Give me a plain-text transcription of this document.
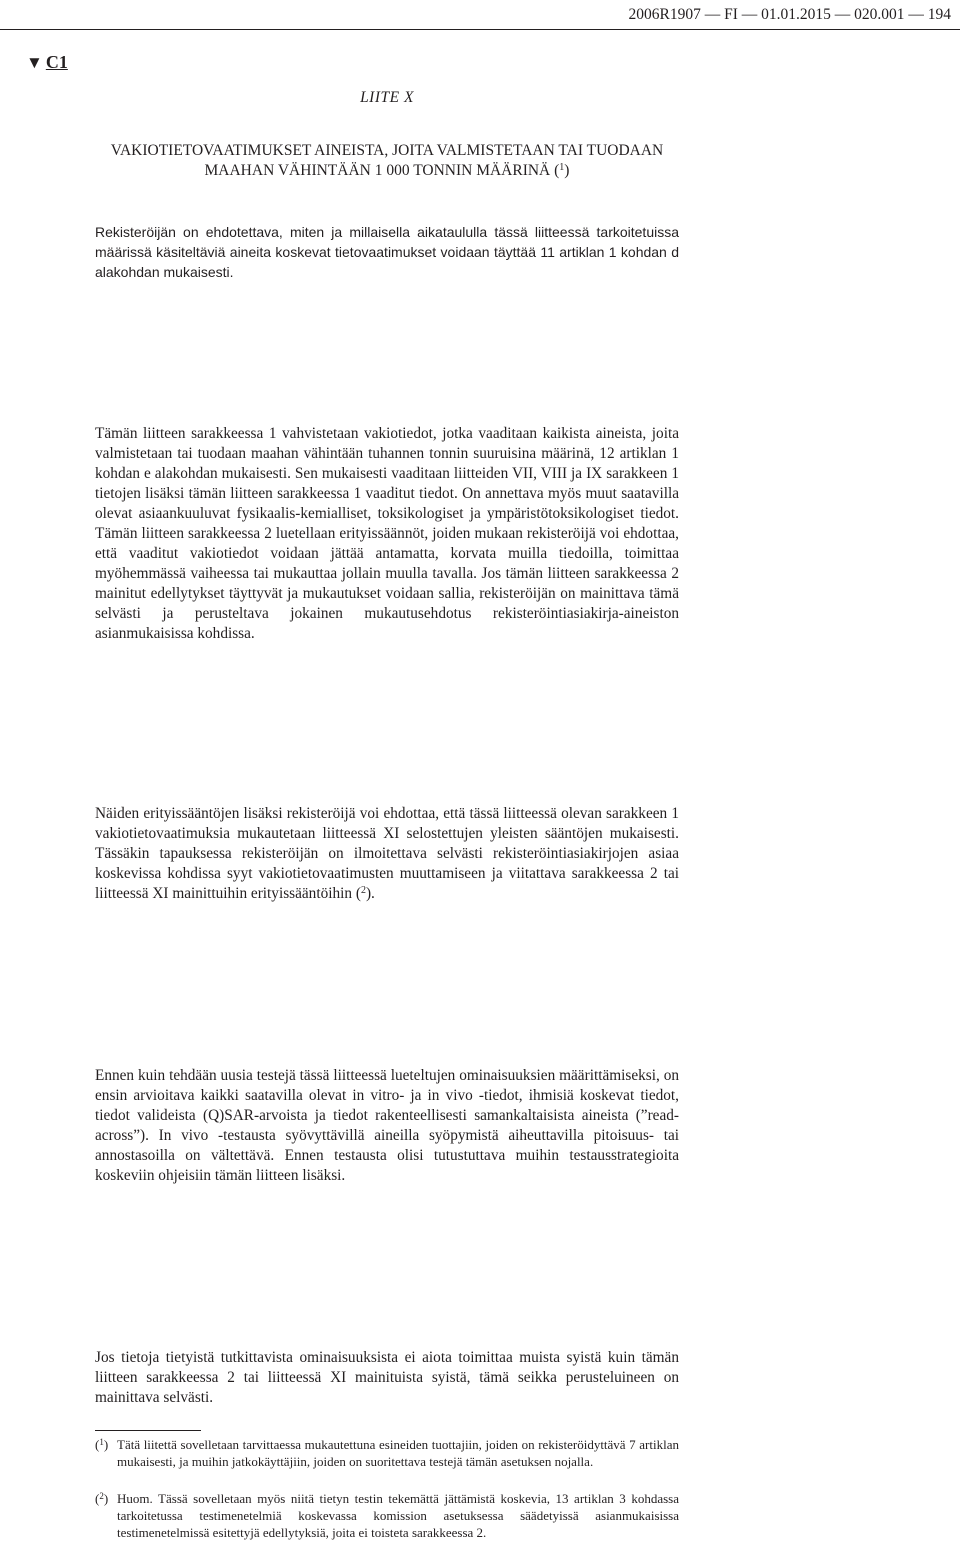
2006R1907 — FI — 01.01.2015 — 020.001 — 194
▼ C1
LIITE X
VAKIOTIETOVAATIMUKSET AINEISTA, JOITA VALMISTETAAN TAI TUODAAN MAAHAN VÄHINTÄÄN 1 000 TONNIN MÄÄRINÄ ($^1$)
Rekisteröijän on ehdotettava, miten ja millaisella aikataululla tässä liitteessä tarkoitetuissa määrissä käsiteltäviä aineita koskevat tietovaatimukset voidaan täyttää 11 artiklan 1 kohdan d alakohdan mukaisesti.
Tämän liitteen sarakkeessa 1 vahvistetaan vakiotiedot, jotka vaaditaan kaikista aineista, joita valmistetaan tai tuodaan maahan vähintään tuhannen tonnin suuruisina määrinä, 12 artiklan 1 kohdan e alakohdan mukaisesti. Sen mukaisesti vaaditaan liitteiden VII, VIII ja IX sarakkeen 1 tietojen lisäksi tämän liitteen sarakkeessa 1 vaaditut tiedot. On annettava myös muut saatavilla olevat asiaankuuluvat fysikaalis-kemialliset, toksikologiset ja ympäristötoksikologiset tiedot. Tämän liitteen sarakkeessa 2 luetellaan erityissäännöt, joiden mukaan rekisteröijä voi ehdottaa, että vaaditut vakiotiedot voidaan jättää antamatta, korvata muilla tiedoilla, toimittaa myöhemmässä vaiheessa tai mukauttaa jollain muulla tavalla. Jos tämän liitteen sarakkeessa 2 mainitut edellytykset täyttyvät ja mukautukset voidaan sallia, rekisteröijän on mainittava tämä selvästi ja perusteltava jokainen mukautusehdotus rekisteröintiasiakirja-aineiston asianmukaisissa kohdissa.
Näiden erityissääntöjen lisäksi rekisteröijä voi ehdottaa, että tässä liitteessä olevan sarakkeen 1 vakiotietovaatimuksia mukautetaan liitteessä XI selostettujen yleisten sääntöjen mukaisesti. Tässäkin tapauksessa rekisteröijän on ilmoitettava selvästi rekisteröintiasiakirjojen asiaa koskevissa kohdissa syyt vakiotietovaatimusten muuttamiseen ja viitattava sarakkeessa 2 tai liitteessä XI mainittuihin erityissääntöihin ($^2$).
Ennen kuin tehdään uusia testejä tässä liitteessä lueteltujen ominaisuuksien määrittämiseksi, on ensin arvioitava kaikki saatavilla olevat in vitro- ja in vivo -tiedot, ihmisiä koskevat tiedot, tiedot valideista (Q)SAR-arvoista ja tiedot rakenteellisesti samankaltaisista aineista (”read-across”). In vivo -testausta syövyttävillä aineilla syöpymistä aiheuttavilla pitoisuus- tai annostasoilla on vältettävä. Ennen testausta olisi tutustuttava muihin testausstrategioita koskeviin ohjeisiin tämän liitteen lisäksi.
Jos tietoja tietyistä tutkittavista ominaisuuksista ei aiota toimittaa muista syistä kuin tämän liitteen sarakkeessa 2 tai liitteessä XI mainituista syistä, tämä seikka perusteluineen on mainittava selvästi.
($^1$) Tätä liitettä sovelletaan tarvittaessa mukautettuna esineiden tuottajiin, joiden on rekisteröidyttävä 7 artiklan mukaisesti, ja muihin jatkokäyttäjiin, joiden on suoritettava testejä tämän asetuksen nojalla.
($^2$) Huom. Tässä sovelletaan myös niitä tietyn testin tekemättä jättämistä koskevia, 13 artiklan 3 kohdassa tarkoitetussa testimenetelmiä koskevassa komission asetuksessa säädetyissä asianmukaisissa testimenetelmissä esitettyjä edellytyksiä, joita ei toisteta sarakkeessa 2.
